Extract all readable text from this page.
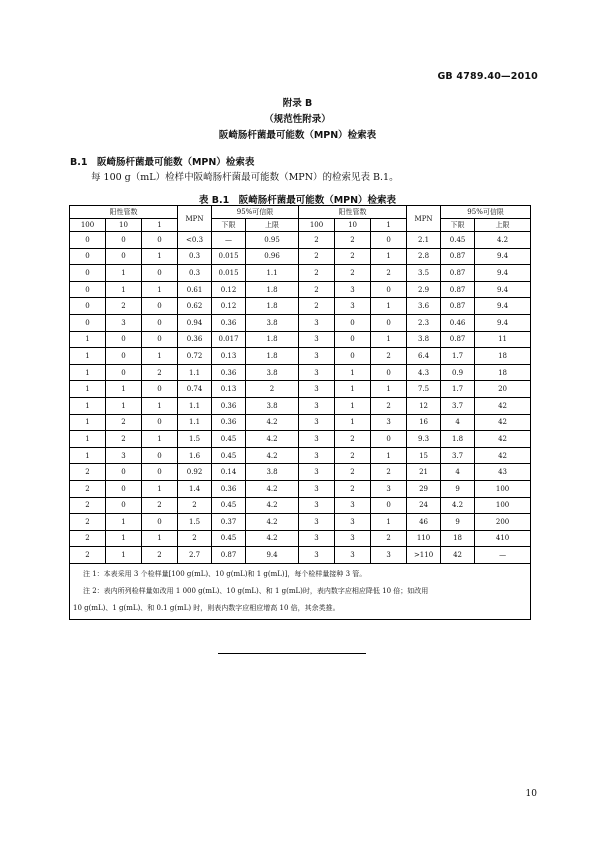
GB 4789.40—2010
附录 B
（规范性附录）
阪崎肠杆菌最可能数（MPN）检索表
B.1　阪崎肠杆菌最可能数（MPN）检索表
每 100 g（mL）检样中阪崎肠杆菌最可能数（MPN）的检索见表 B.1。
表 B.1　阪崎肠杆菌最可能数（MPN）检索表
阳性管数			MPN	95%可信限		阳性管数			MPN	95%可信限	
100	10	1		下限	上限	100	10	1		下限	上限
0	0	0	<0.3	—	0.95	2	2	0	2.1	0.45	4.2
0	0	1	0.3	0.015	0.96	2	2	1	2.8	0.87	9.4
0	1	0	0.3	0.015	1.1	2	2	2	3.5	0.87	9.4
0	1	1	0.61	0.12	1.8	2	3	0	2.9	0.87	9.4
0	2	0	0.62	0.12	1.8	2	3	1	3.6	0.87	9.4
0	3	0	0.94	0.36	3.8	3	0	0	2.3	0.46	9.4
1	0	0	0.36	0.017	1.8	3	0	1	3.8	0.87	11
1	0	1	0.72	0.13	1.8	3	0	2	6.4	1.7	18
1	0	2	1.1	0.36	3.8	3	1	0	4.3	0.9	18
1	1	0	0.74	0.13	2	3	1	1	7.5	1.7	20
1	1	1	1.1	0.36	3.8	3	1	2	12	3.7	42
1	2	0	1.1	0.36	4.2	3	1	3	16	4	42
1	2	1	1.5	0.45	4.2	3	2	0	9.3	1.8	42
1	3	0	1.6	0.45	4.2	3	2	1	15	3.7	42
2	0	0	0.92	0.14	3.8	3	2	2	21	4	43
2	0	1	1.4	0.36	4.2	3	2	3	29	9	100
2	0	2	2	0.45	4.2	3	3	0	24	4.2	100
2	1	0	1.5	0.37	4.2	3	3	1	46	9	200
2	1	1	2	0.45	4.2	3	3	2	110	18	410
2	1	2	2.7	0.87	9.4	3	3	3	>110	42	—

注 1：本表采用 3 个检样量[100 g(mL)、10 g(mL)和 1 g(mL)]，每个检样量接种 3 管。
注 2：表内所列检样量如改用 1 000 g(mL)、10 g(mL)、和 1 g(mL)时，表内数字应相应降低 10 倍；如改用
10 g(mL)、1 g(mL)、和 0.1 g(mL) 时，则表内数字应相应增高 10 倍，其余类推。											
10
